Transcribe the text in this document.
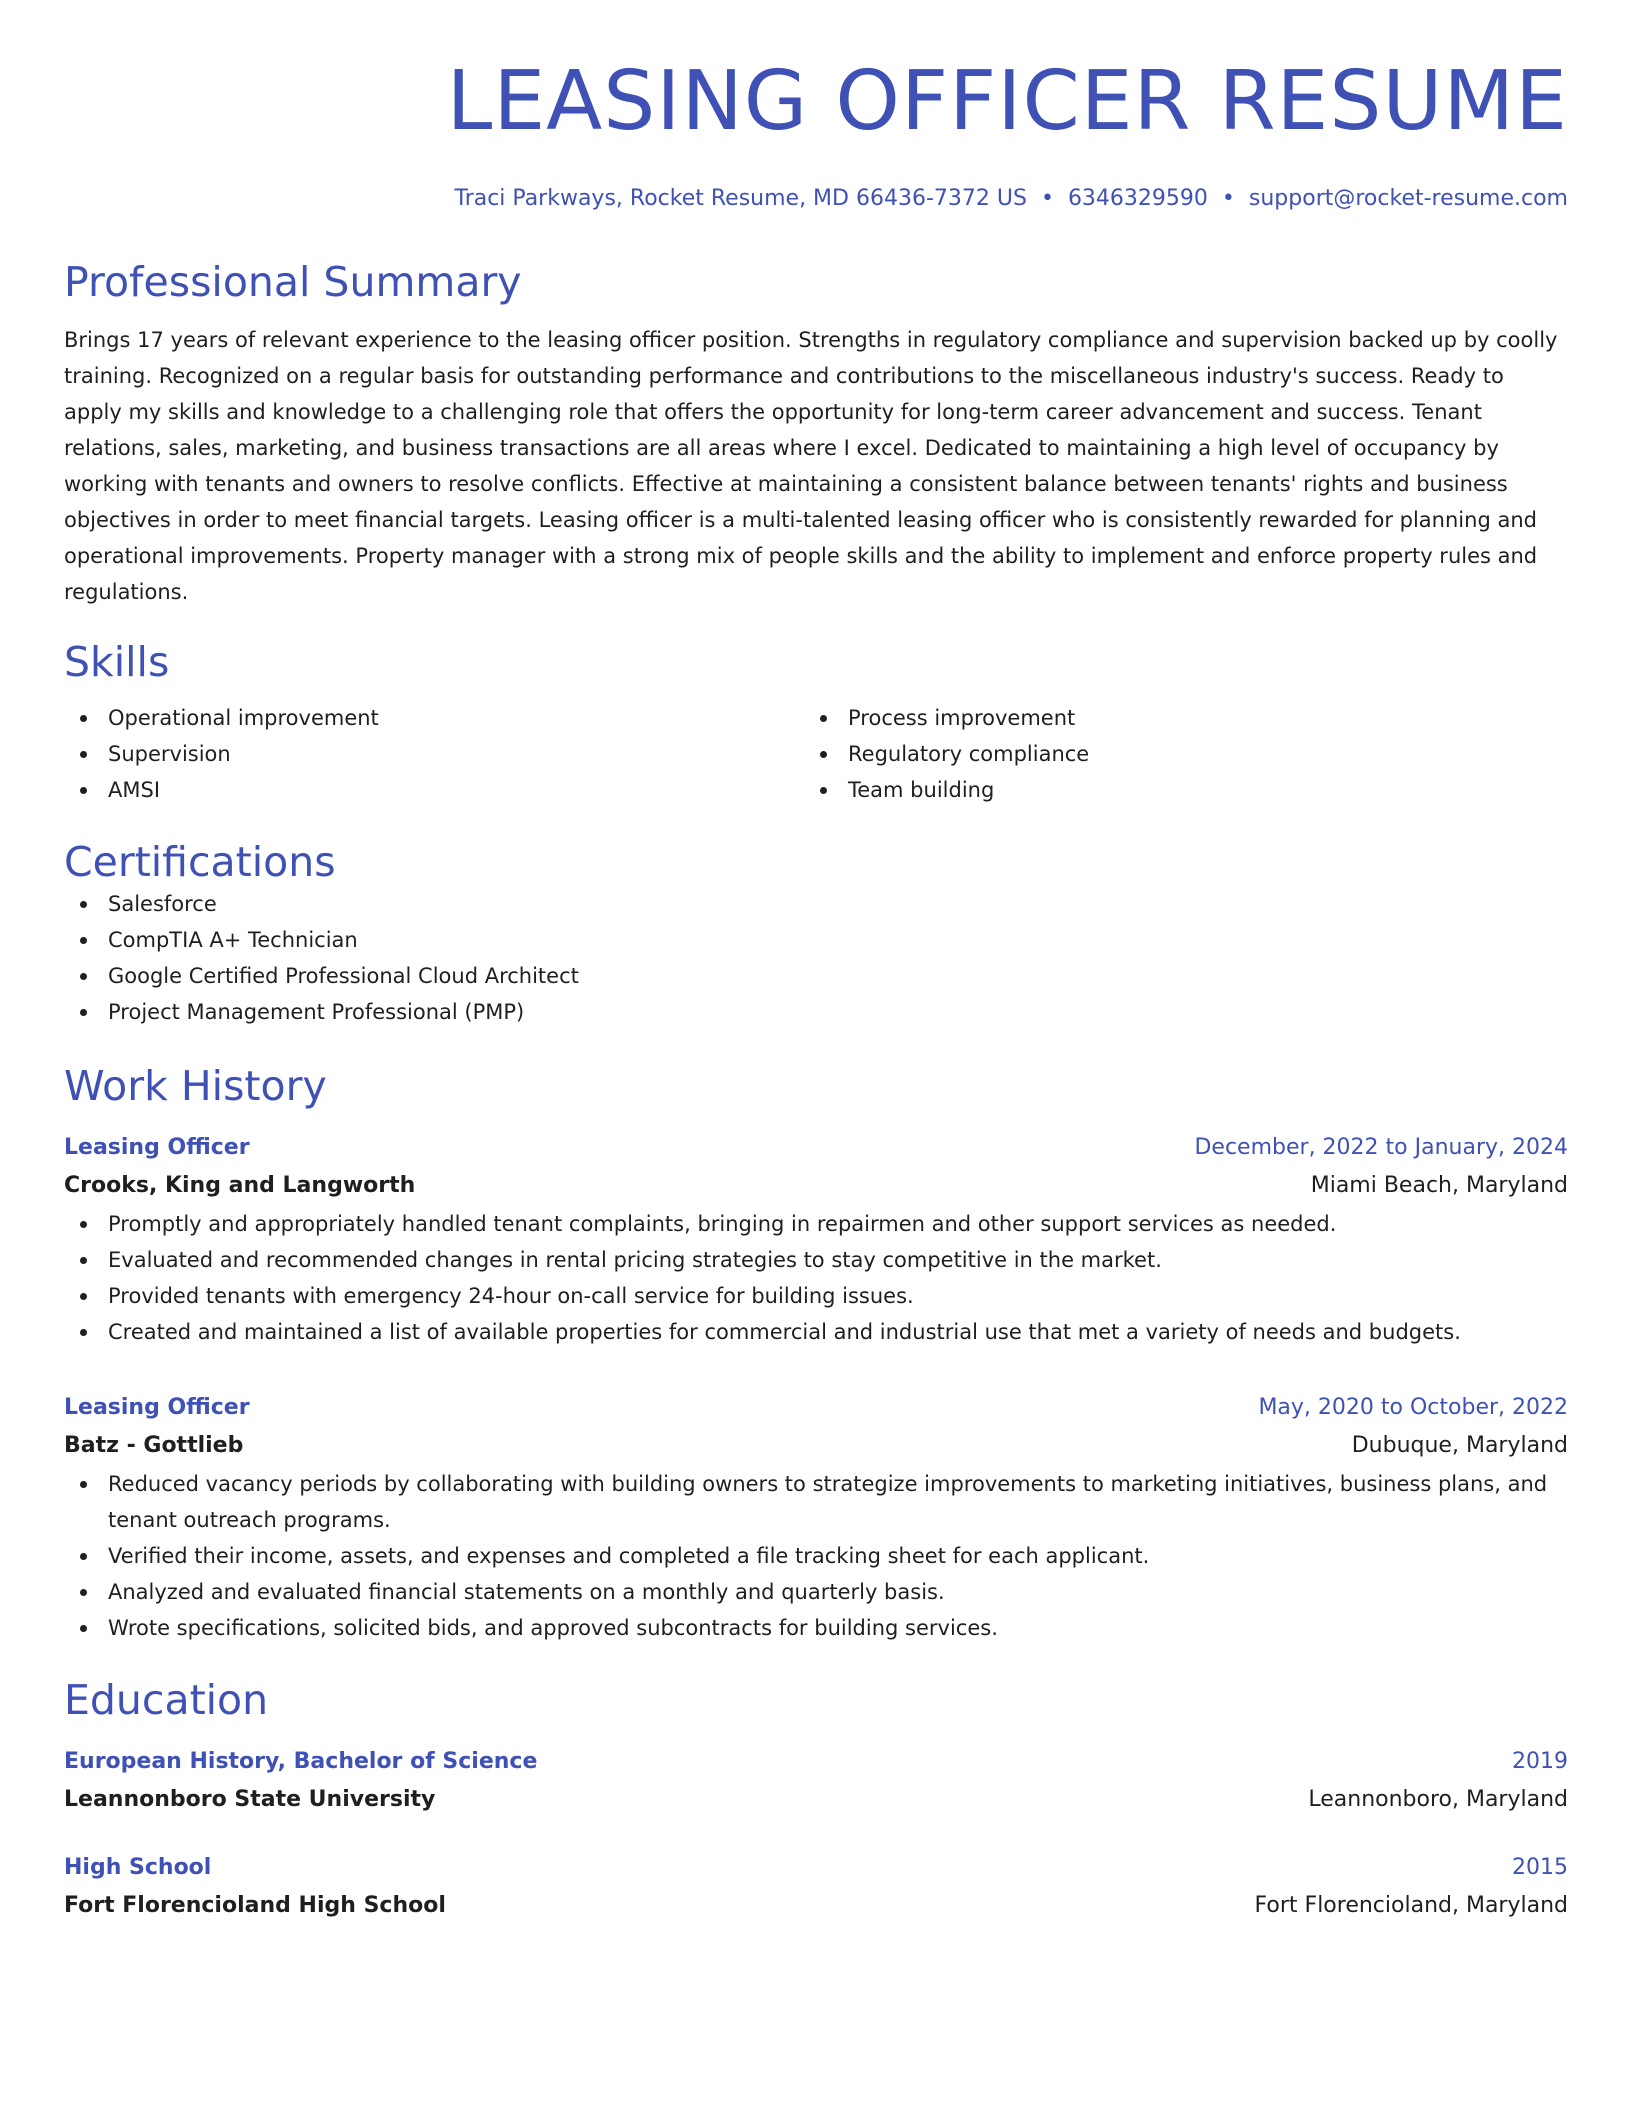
LEASING OFFICER RESUME
Traci Parkways, Rocket Resume, MD 66436-7372 US • 6346329590 • support@rocket-resume.com
Professional Summary

Brings 17 years of relevant experience to the leasing officer position. Strengths in regulatory compliance and supervision backed up by coolly training. Recognized on a regular basis for outstanding performance and contributions to the miscellaneous industry's success. Ready to apply my skills and knowledge to a challenging role that offers the opportunity for long-term career advancement and success. Tenant relations, sales, marketing, and business transactions are all areas where I excel. Dedicated to maintaining a high level of occupancy by working with tenants and owners to resolve conflicts. Effective at maintaining a consistent balance between tenants' rights and business objectives in order to meet financial targets. Leasing officer is a multi-talented leasing officer who is consistently rewarded for planning and operational improvements. Property manager with a strong mix of people skills and the ability to implement and enforce property rules and regulations.

Skills
Operational improvement
Supervision
AMSI
Process improvement
Regulatory compliance
Team building
Certifications
Salesforce
CompTIA A+ Technician
Google Certified Professional Cloud Architect
Project Management Professional (PMP)
Work History
Leasing Officer	December, 2022 to January, 2024
Crooks, King and Langworth	Miami Beach, Maryland
Promptly and appropriately handled tenant complaints, bringing in repairmen and other support services as needed.
Evaluated and recommended changes in rental pricing strategies to stay competitive in the market.
Provided tenants with emergency 24-hour on-call service for building issues.
Created and maintained a list of available properties for commercial and industrial use that met a variety of needs and budgets.
Leasing Officer	May, 2020 to October, 2022
Batz - Gottlieb	Dubuque, Maryland
Reduced vacancy periods by collaborating with building owners to strategize improvements to marketing initiatives, business plans, and tenant outreach programs.
Verified their income, assets, and expenses and completed a file tracking sheet for each applicant.
Analyzed and evaluated financial statements on a monthly and quarterly basis.
Wrote specifications, solicited bids, and approved subcontracts for building services.
Education
European History, Bachelor of Science	2019
Leannonboro State University	Leannonboro, Maryland
High School	2015
Fort Florencioland High School	Fort Florencioland, Maryland
